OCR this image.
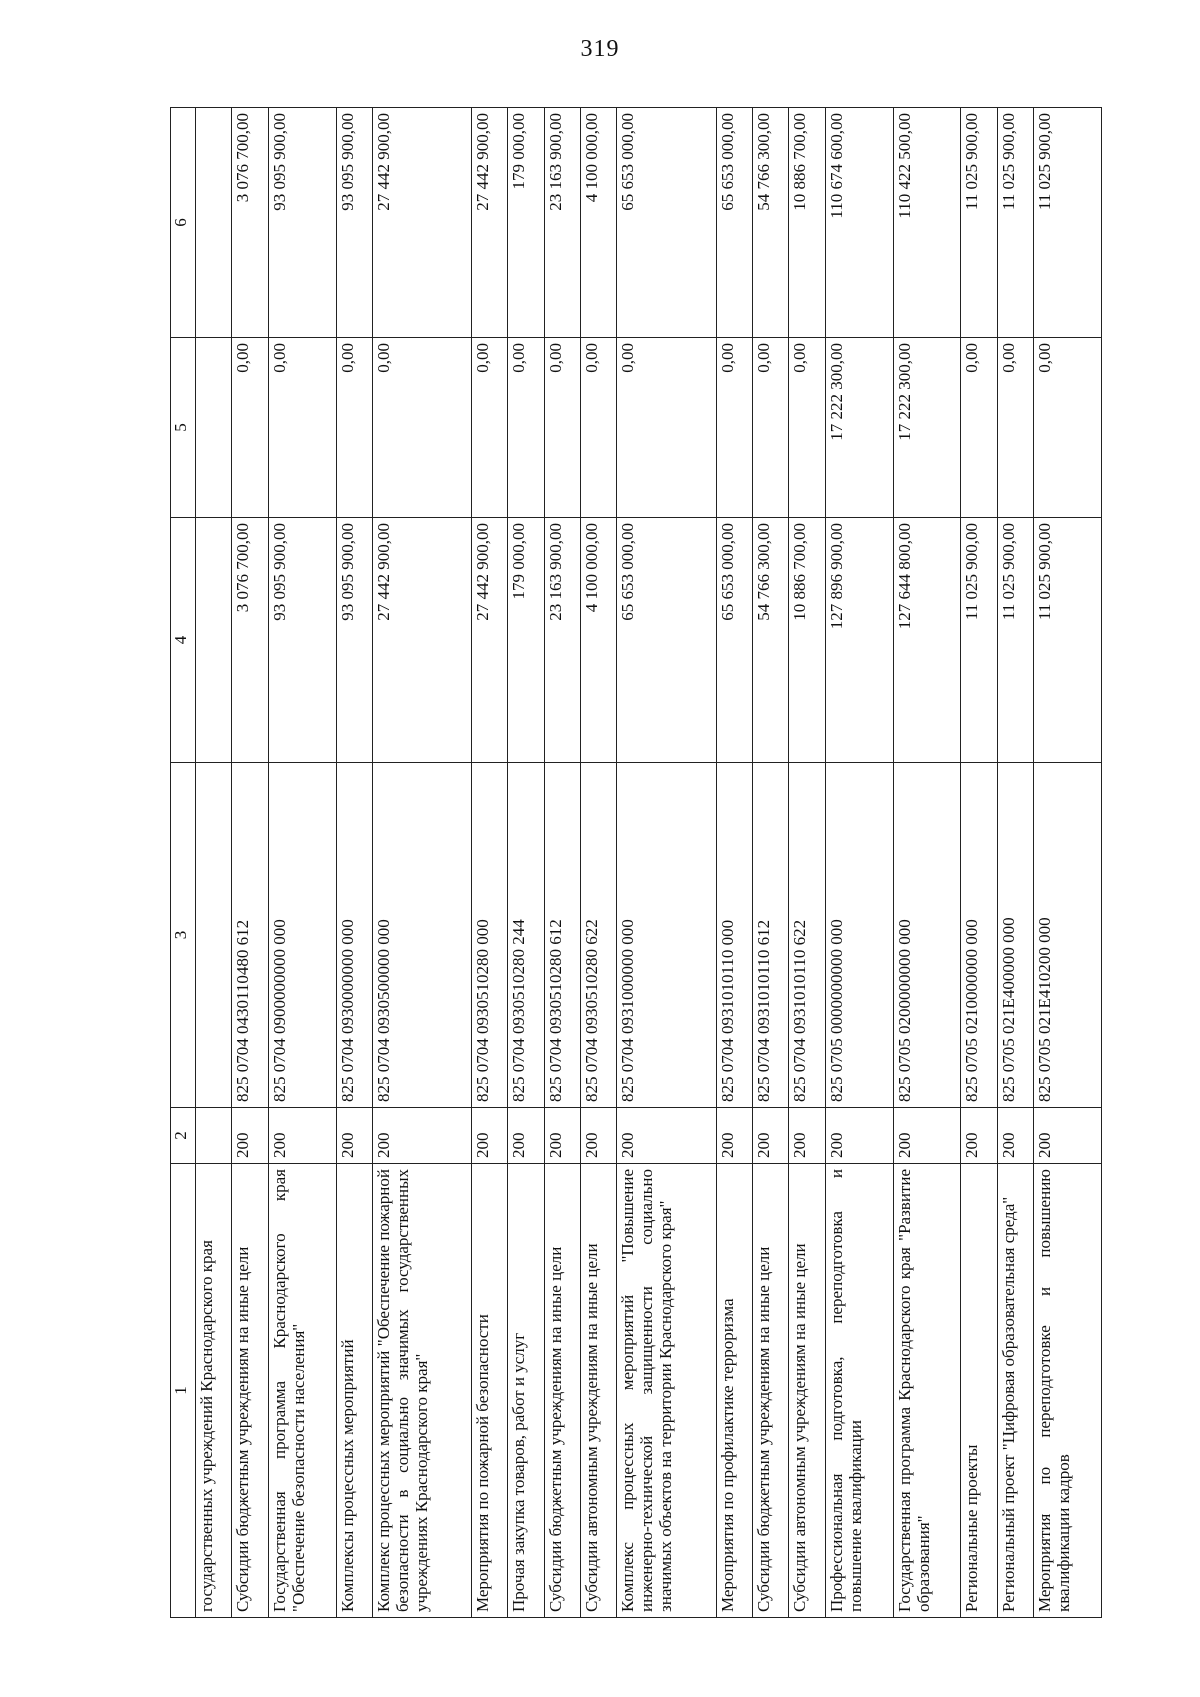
319
1	2	3	4	5	6
государственных учреждений Краснодарского края					
Субсидии бюджетным учреждениям на иные цели	200	825 0704 0430110480 612	3 076 700,00	0,00	3 076 700,00
Государственная программа Краснодарского края "Обеспечение безопасности населения"	200	825 0704 0900000000 000	93 095 900,00	0,00	93 095 900,00
Комплексы процессных мероприятий	200	825 0704 0930000000 000	93 095 900,00	0,00	93 095 900,00
Комплекс процессных мероприятий "Обеспечение пожарной безопасности в социально значимых государственных учреждениях Краснодарского края"	200	825 0704 0930500000 000	27 442 900,00	0,00	27 442 900,00
Мероприятия по пожарной безопасности	200	825 0704 0930510280 000	27 442 900,00	0,00	27 442 900,00
Прочая закупка товаров, работ и услуг	200	825 0704 0930510280 244	179 000,00	0,00	179 000,00
Субсидии бюджетным учреждениям на иные цели	200	825 0704 0930510280 612	23 163 900,00	0,00	23 163 900,00
Субсидии автономным учреждениям на иные цели	200	825 0704 0930510280 622	4 100 000,00	0,00	4 100 000,00
Комплекс процессных мероприятий "Повышение инженерно-технической защищенности социально значимых объектов на территории Краснодарского края"	200	825 0704 0931000000 000	65 653 000,00	0,00	65 653 000,00
Мероприятия по профилактике терроризма	200	825 0704 0931010110 000	65 653 000,00	0,00	65 653 000,00
Субсидии бюджетным учреждениям на иные цели	200	825 0704 0931010110 612	54 766 300,00	0,00	54 766 300,00
Субсидии автономным учреждениям на иные цели	200	825 0704 0931010110 622	10 886 700,00	0,00	10 886 700,00
Профессиональная подготовка, переподготовка и повышение квалификации	200	825 0705 0000000000 000	127 896 900,00	17 222 300,00	110 674 600,00
Государственная программа Краснодарского края "Развитие образования"	200	825 0705 0200000000 000	127 644 800,00	17 222 300,00	110 422 500,00
Региональные проекты	200	825 0705 0210000000 000	11 025 900,00	0,00	11 025 900,00
Региональный проект "Цифровая образовательная среда"	200	825 0705 021Е400000 000	11 025 900,00	0,00	11 025 900,00
Мероприятия по переподготовке и повышению квалификации кадров	200	825 0705 021Е410200 000	11 025 900,00	0,00	11 025 900,00
